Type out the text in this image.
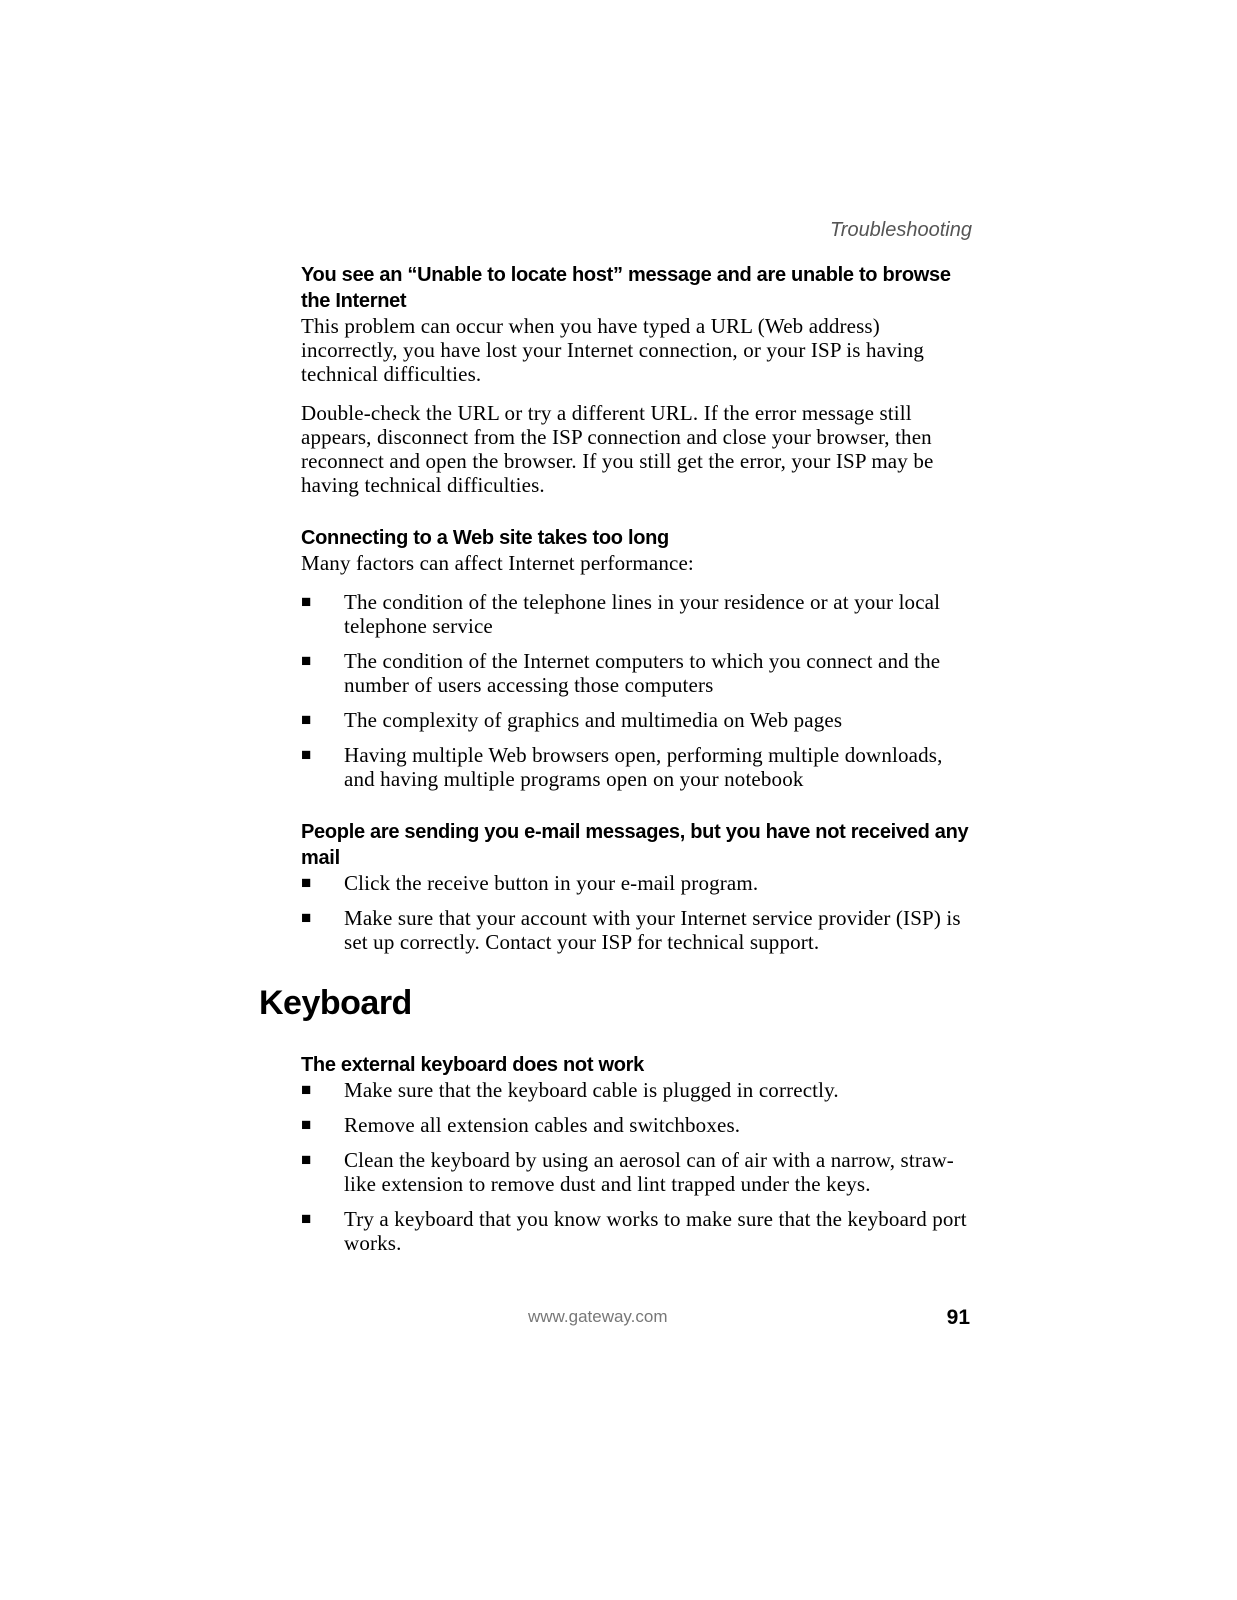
Troubleshooting
You see an “Unable to locate host” message and are unable to browse the Internet

This problem can occur when you have typed a URL (Web address) incorrectly, you have lost your Internet connection, or your ISP is having technical difficulties.

Double-check the URL or try a different URL. If the error message still appears, disconnect from the ISP connection and close your browser, then reconnect and open the browser. If you still get the error, your ISP may be having technical difficulties.

Connecting to a Web site takes too long

Many factors can affect Internet performance:

■ The condition of the telephone lines in your residence or at your local telephone service
■ The condition of the Internet computers to which you connect and the number of users accessing those computers
■ The complexity of graphics and multimedia on Web pages
■ Having multiple Web browsers open, performing multiple downloads, and having multiple programs open on your notebook
People are sending you e-mail messages, but you have not received any mail
■ Click the receive button in your e-mail program.
■ Make sure that your account with your Internet service provider (ISP) is set up correctly. Contact your ISP for technical support.
Keyboard
The external keyboard does not work
■ Make sure that the keyboard cable is plugged in correctly.
■ Remove all extension cables and switchboxes.
■ Clean the keyboard by using an aerosol can of air with a narrow, straw-like extension to remove dust and lint trapped under the keys.
■ Try a keyboard that you know works to make sure that the keyboard port works.
www.gateway.com	91
